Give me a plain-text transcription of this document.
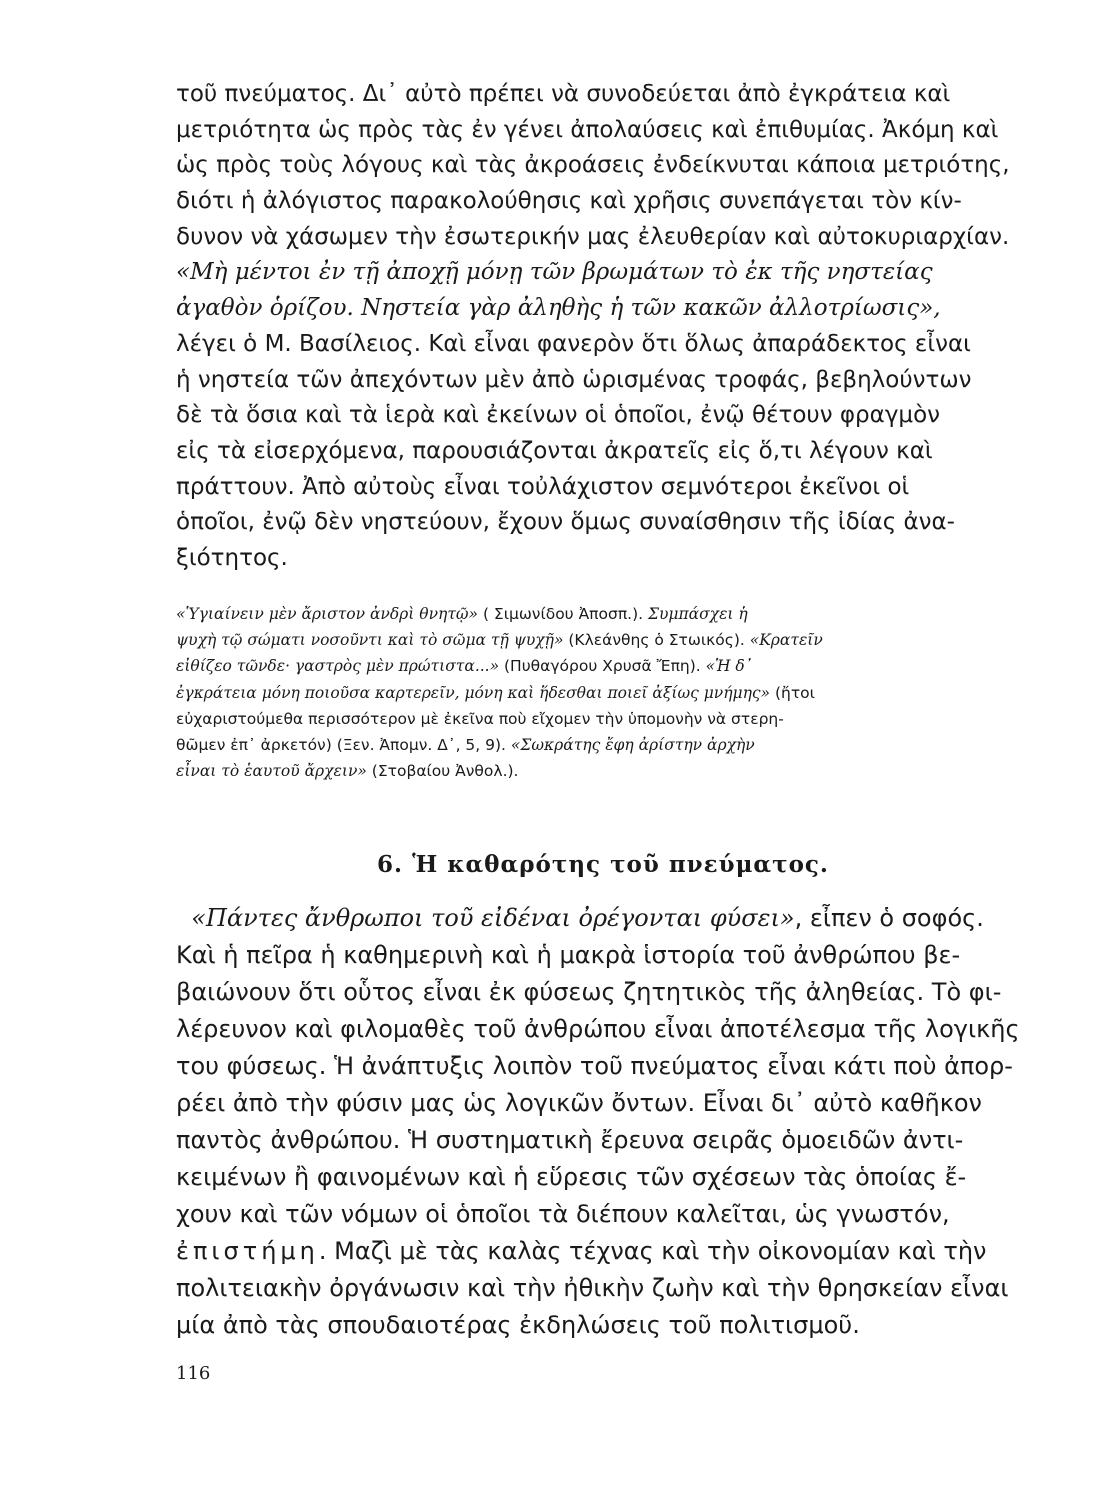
τοῦ πνεύματος. Δι᾽ αὐτὸ πρέπει νὰ συνοδεύεται ἀπὸ ἐγκράτεια καὶ
μετριότητα ὡς πρὸς τὰς ἐν γένει ἀπολαύσεις καὶ ἐπιθυμίας. Ἀκόμη καὶ
ὡς πρὸς τοὺς λόγους καὶ τὰς ἀκροάσεις ἐνδείκνυται κάποια μετριότης,
διότι ἡ ἀλόγιστος παρακολούθησις καὶ χρῆσις συνεπάγεται τὸν κίν-
δυνον νὰ χάσωμεν τὴν ἐσωτερικήν μας ἐλευθερίαν καὶ αὐτοκυριαρχίαν.
«Μὴ μέντοι ἐν τῇ ἀποχῇ μόνῃ τῶν βρωμάτων τὸ ἐκ τῆς νηστείας
ἀγαθὸν ὁρίζου. Νηστεία γὰρ ἀληθὴς ἡ τῶν κακῶν ἀλλοτρίωσις»,
λέγει ὁ Μ. Βασίλειος. Καὶ εἶναι φανερὸν ὅτι ὅλως ἀπαράδεκτος εἶναι
ἡ νηστεία τῶν ἀπεχόντων μὲν ἀπὸ ὡρισμένας τροφάς, βεβηλούντων
δὲ τὰ ὅσια καὶ τὰ ἱερὰ καὶ ἐκείνων οἱ ὁποῖοι, ἐνῷ θέτουν φραγμὸν
εἰς τὰ εἰσερχόμενα, παρουσιάζονται ἀκρατεῖς εἰς ὅ,τι λέγουν καὶ
πράττουν. Ἀπὸ αὐτοὺς εἶναι τοὐλάχιστον σεμνότεροι ἐκεῖνοι οἱ
ὁποῖοι, ἐνῷ δὲν νηστεύουν, ἔχουν ὅμως συναίσθησιν τῆς ἰδίας ἀνα-
ξιότητος.
«Ὑγιαίνειν μὲν ἄριστον ἀνδρὶ θνητῷ» ( Σιμωνίδου Ἀποσπ.). Συμπάσχει ἡ
ψυχὴ τῷ σώματι νοσοῦντι καὶ τὸ σῶμα τῇ ψυχῇ» (Κλεάνθης ὁ Στωικός). «Κρατεῖν
εἰθίζεο τῶνδε· γαστρὸς μὲν πρώτιστα...» (Πυθαγόρου Χρυσᾶ Ἔπη). «Ἡ δ᾽
ἐγκράτεια μόνη ποιοῦσα καρτερεῖν, μόνη καὶ ἥδεσθαι ποιεῖ ἀξίως μνήμης» (ἤτοι
εὐχαριστούμεθα περισσότερον μὲ ἐκεῖνα ποὺ εἴχομεν τὴν ὑπομονὴν νὰ στερη-
θῶμεν ἐπ᾽ ἀρκετόν) (Ξεν. Ἀπομν. Δ᾽, 5, 9). «Σωκράτης ἔφη ἀρίστην ἀρχὴν
εἶναι τὸ ἑαυτοῦ ἄρχειν» (Στοβαίου Ἀνθολ.).
6. Ἡ καθαρότης τοῦ πνεύματος.
«Πάντες ἄνθρωποι τοῦ εἰδέναι ὀρέγονται φύσει», εἶπεν ὁ σοφός.
Καὶ ἡ πεῖρα ἡ καθημερινὴ καὶ ἡ μακρὰ ἱστορία τοῦ ἀνθρώπου βε-
βαιώνουν ὅτι οὗτος εἶναι ἐκ φύσεως ζητητικὸς τῆς ἀληθείας. Τὸ φι-
λέρευνον καὶ φιλομαθὲς τοῦ ἀνθρώπου εἶναι ἀποτέλεσμα τῆς λογικῆς
του φύσεως. Ἡ ἀνάπτυξις λοιπὸν τοῦ πνεύματος εἶναι κάτι ποὺ ἀπορ-
ρέει ἀπὸ τὴν φύσιν μας ὡς λογικῶν ὄντων. Εἶναι δι᾽ αὐτὸ καθῆκον
παντὸς ἀνθρώπου. Ἡ συστηματικὴ ἔρευνα σειρᾶς ὁμοειδῶν ἀντι-
κειμένων ἢ φαινομένων καὶ ἡ εὕρεσις τῶν σχέσεων τὰς ὁποίας ἔ-
χουν καὶ τῶν νόμων οἱ ὁποῖοι τὰ διέπουν καλεῖται, ὡς γνωστόν,
ἐπιστήμη. Μαζὶ μὲ τὰς καλὰς τέχνας καὶ τὴν οἰκονομίαν καὶ τὴν
πολιτειακὴν ὀργάνωσιν καὶ τὴν ἠθικὴν ζωὴν καὶ τὴν θρησκείαν εἶναι
μία ἀπὸ τὰς σπουδαιοτέρας ἐκδηλώσεις τοῦ πολιτισμοῦ.
116
